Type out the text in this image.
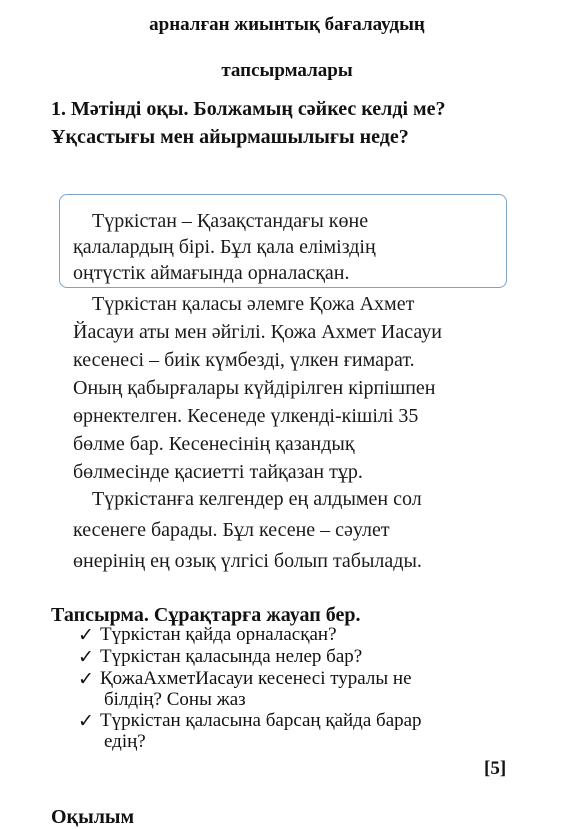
арналған жиынтық бағалаудың
тапсырмалары
1. Мәтінді оқы. Болжамың сәйкес келді ме?
Ұқсастығы мен айырмашылығы неде?
Түркістан – Қазақстандағы көне
қалалардың бірі. Бұл қала еліміздің
оңтүстік аймағында орналасқан.
Түркістан қаласы әлемге Қожа Ахмет
Йасауи аты мен әйгілі. Қожа Ахмет Иасауи
кесенесі – биік күмбезді, үлкен ғимарат.
Оның қабырғалары күйдірілген кірпішпен
өрнектелген. Кесенеде үлкенді-кішілі 35
бөлме бар. Кесенесінің қазандық
бөлмесінде қасиетті тайқазан тұр.
Түркістанға келгендер ең алдымен сол
кесенеге барады. Бұл кесене – сәулет
өнерінің ең озық үлгісі болып табылады.
Тапсырма. Сұрақтарға жауап бер.
✓ Түркістан қайда орналасқан?
✓ Түркістан қаласында нелер бар?
✓ ҚожаАхметИасауи кесенесі туралы не
білдің? Соны жаз
✓ Түркістан қаласына барсаң қайда барар
едің?
[5]
Оқылым
